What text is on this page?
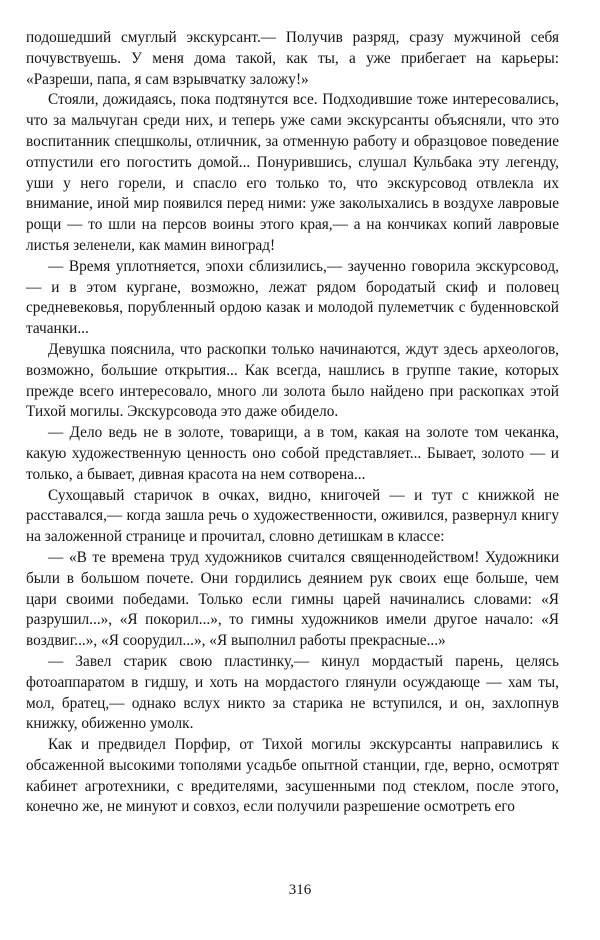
подошедший смуглый экскурсант.— Получив разряд, сразу мужчиной себя почувствуешь. У меня дома такой, как ты, а уже прибегает на карьеры: «Разреши, папа, я сам взрывчатку заложу!»

Стояли, дожидаясь, пока подтянутся все. Подходившие тоже интересовались, что за мальчуган среди них, и теперь уже сами экскурсанты объясняли, что это воспитанник спецшколы, отличник, за отменную работу и образцовое поведение отпустили его погостить домой... Понурившись, слушал Кульбака эту легенду, уши у него горели, и спасло его только то, что экскурсовод отвлекла их внимание, иной мир появился перед ними: уже заколыхались в воздухе лавровые рощи — то шли на персов воины этого края,— а на кончиках копий лавровые листья зеленели, как мамин виноград!

— Время уплотняется, эпохи сблизились,— заученно говорила экскурсовод,— и в этом кургане, возможно, лежат рядом бородатый скиф и половец средневековья, порубленный ордою казак и молодой пулеметчик с буденновской тачанки...

Девушка пояснила, что раскопки только начинаются, ждут здесь археологов, возможно, большие открытия... Как всегда, нашлись в группе такие, которых прежде всего интересовало, много ли золота было найдено при раскопках этой Тихой могилы. Экскурсовода это даже обидело.

— Дело ведь не в золоте, товарищи, а в том, какая на золоте том чеканка, какую художественную ценность оно собой представляет... Бывает, золото — и только, а бывает, дивная красота на нем сотворена...

Сухощавый старичок в очках, видно, книгочей — и тут с книжкой не расставался,— когда зашла речь о художественности, оживился, развернул книгу на заложенной странице и прочитал, словно детишкам в классе:

— «В те времена труд художников считался священнодейством! Художники были в большом почете. Они гордились деянием рук своих еще больше, чем цари своими победами. Только если гимны царей начинались словами: «Я разрушил...», «Я покорил...», то гимны художников имели другое начало: «Я воздвиг...», «Я соорудил...», «Я выполнил работы прекрасные...»

— Завел старик свою пластинку,— кинул мордастый парень, целясь фотоаппаратом в гидшу, и хоть на мордастого глянули осуждающе — хам ты, мол, братец,— однако вслух никто за старика не вступился, и он, захлопнув книжку, обиженно умолк.

Как и предвидел Порфир, от Тихой могилы экскурсанты направились к обсаженной высокими тополями усадьбе опытной станции, где, верно, осмотрят кабинет агротехники, с вредителями, засушенными под стеклом, после этого, конечно же, не минуют и совхоз, если получили разрешение осмотреть его

316
